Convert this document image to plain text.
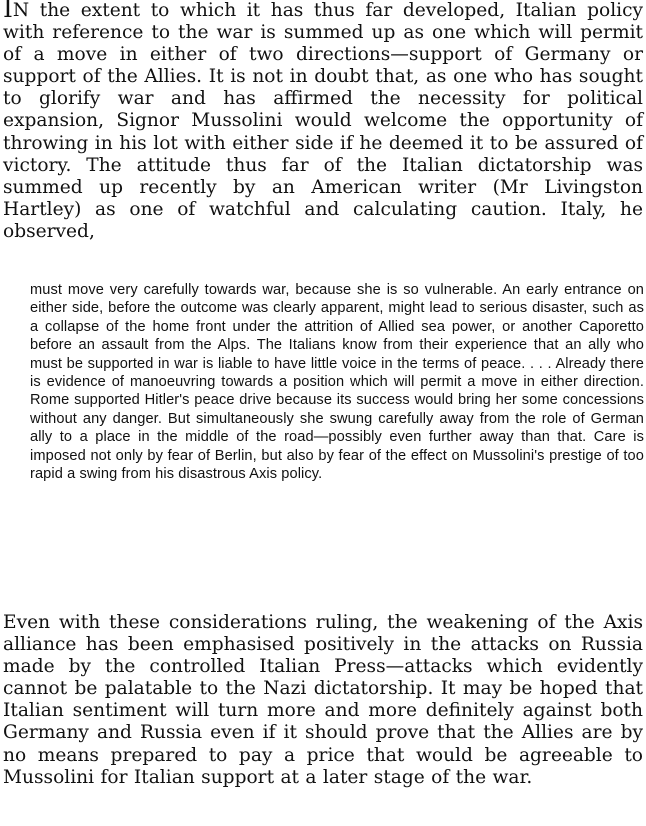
IN the extent to which it has thus far developed, Italian policy with reference to the war is summed up as one which will permit of a move in either of two directions—support of Germany or support of the Allies. It is not in doubt that, as one who has sought to glorify war and has affirmed the necessity for political expansion, Signor Mussolini would welcome the opportunity of throwing in his lot with either side if he deemed it to be assured of victory. The attitude thus far of the Italian dictatorship was summed up recently by an American writer (Mr Livingston Hartley) as one of watchful and calculating caution. Italy, he observed,

must move very carefully towards war, because she is so vulnerable. An early entrance on either side, before the outcome was clearly apparent, might lead to serious disaster, such as a collapse of the home front under the attrition of Allied sea power, or another Caporetto before an assault from the Alps. The Italians know from their experience that an ally who must be supported in war is liable to have little voice in the terms of peace. . . . Already there is evidence of manoeuvring towards a position which will permit a move in either direction. Rome supported Hitler's peace drive because its success would bring her some concessions without any danger. But simultaneously she swung carefully away from the role of German ally to a place in the middle of the road—possibly even further away than that. Care is imposed not only by fear of Berlin, but also by fear of the effect on Mussolini's prestige of too rapid a swing from his disastrous Axis policy.

Even with these considerations ruling, the weakening of the Axis alliance has been emphasised positively in the attacks on Russia made by the controlled Italian Press—attacks which evidently cannot be palatable to the Nazi dictatorship. It may be hoped that Italian sentiment will turn more and more definitely against both Germany and Russia even if it should prove that the Allies are by no means prepared to pay a price that would be agreeable to Mussolini for Italian support at a later stage of the war.
